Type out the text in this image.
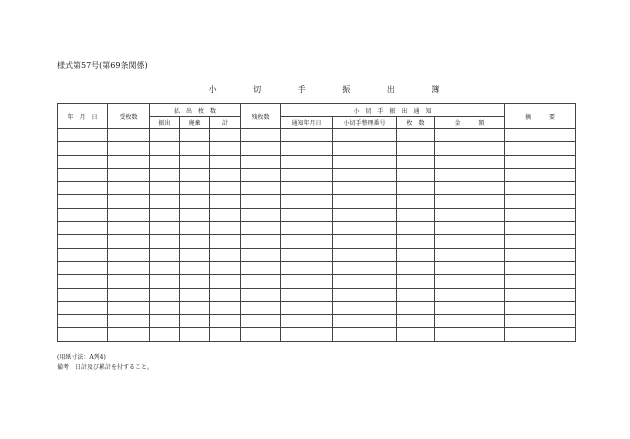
様式第57号(第69条関係)
小	切	手	振	出	簿
年　月　日	受枚数	払　出　枚　数			残枚数	小　切　手　振　出　通　知				摘　　　要
		振出	廃棄	計		通知年月日	小切手整理番号	枚　数	金　　　額	

(用紙寸法：A列4)
備考　日計及び累計を付すること。
